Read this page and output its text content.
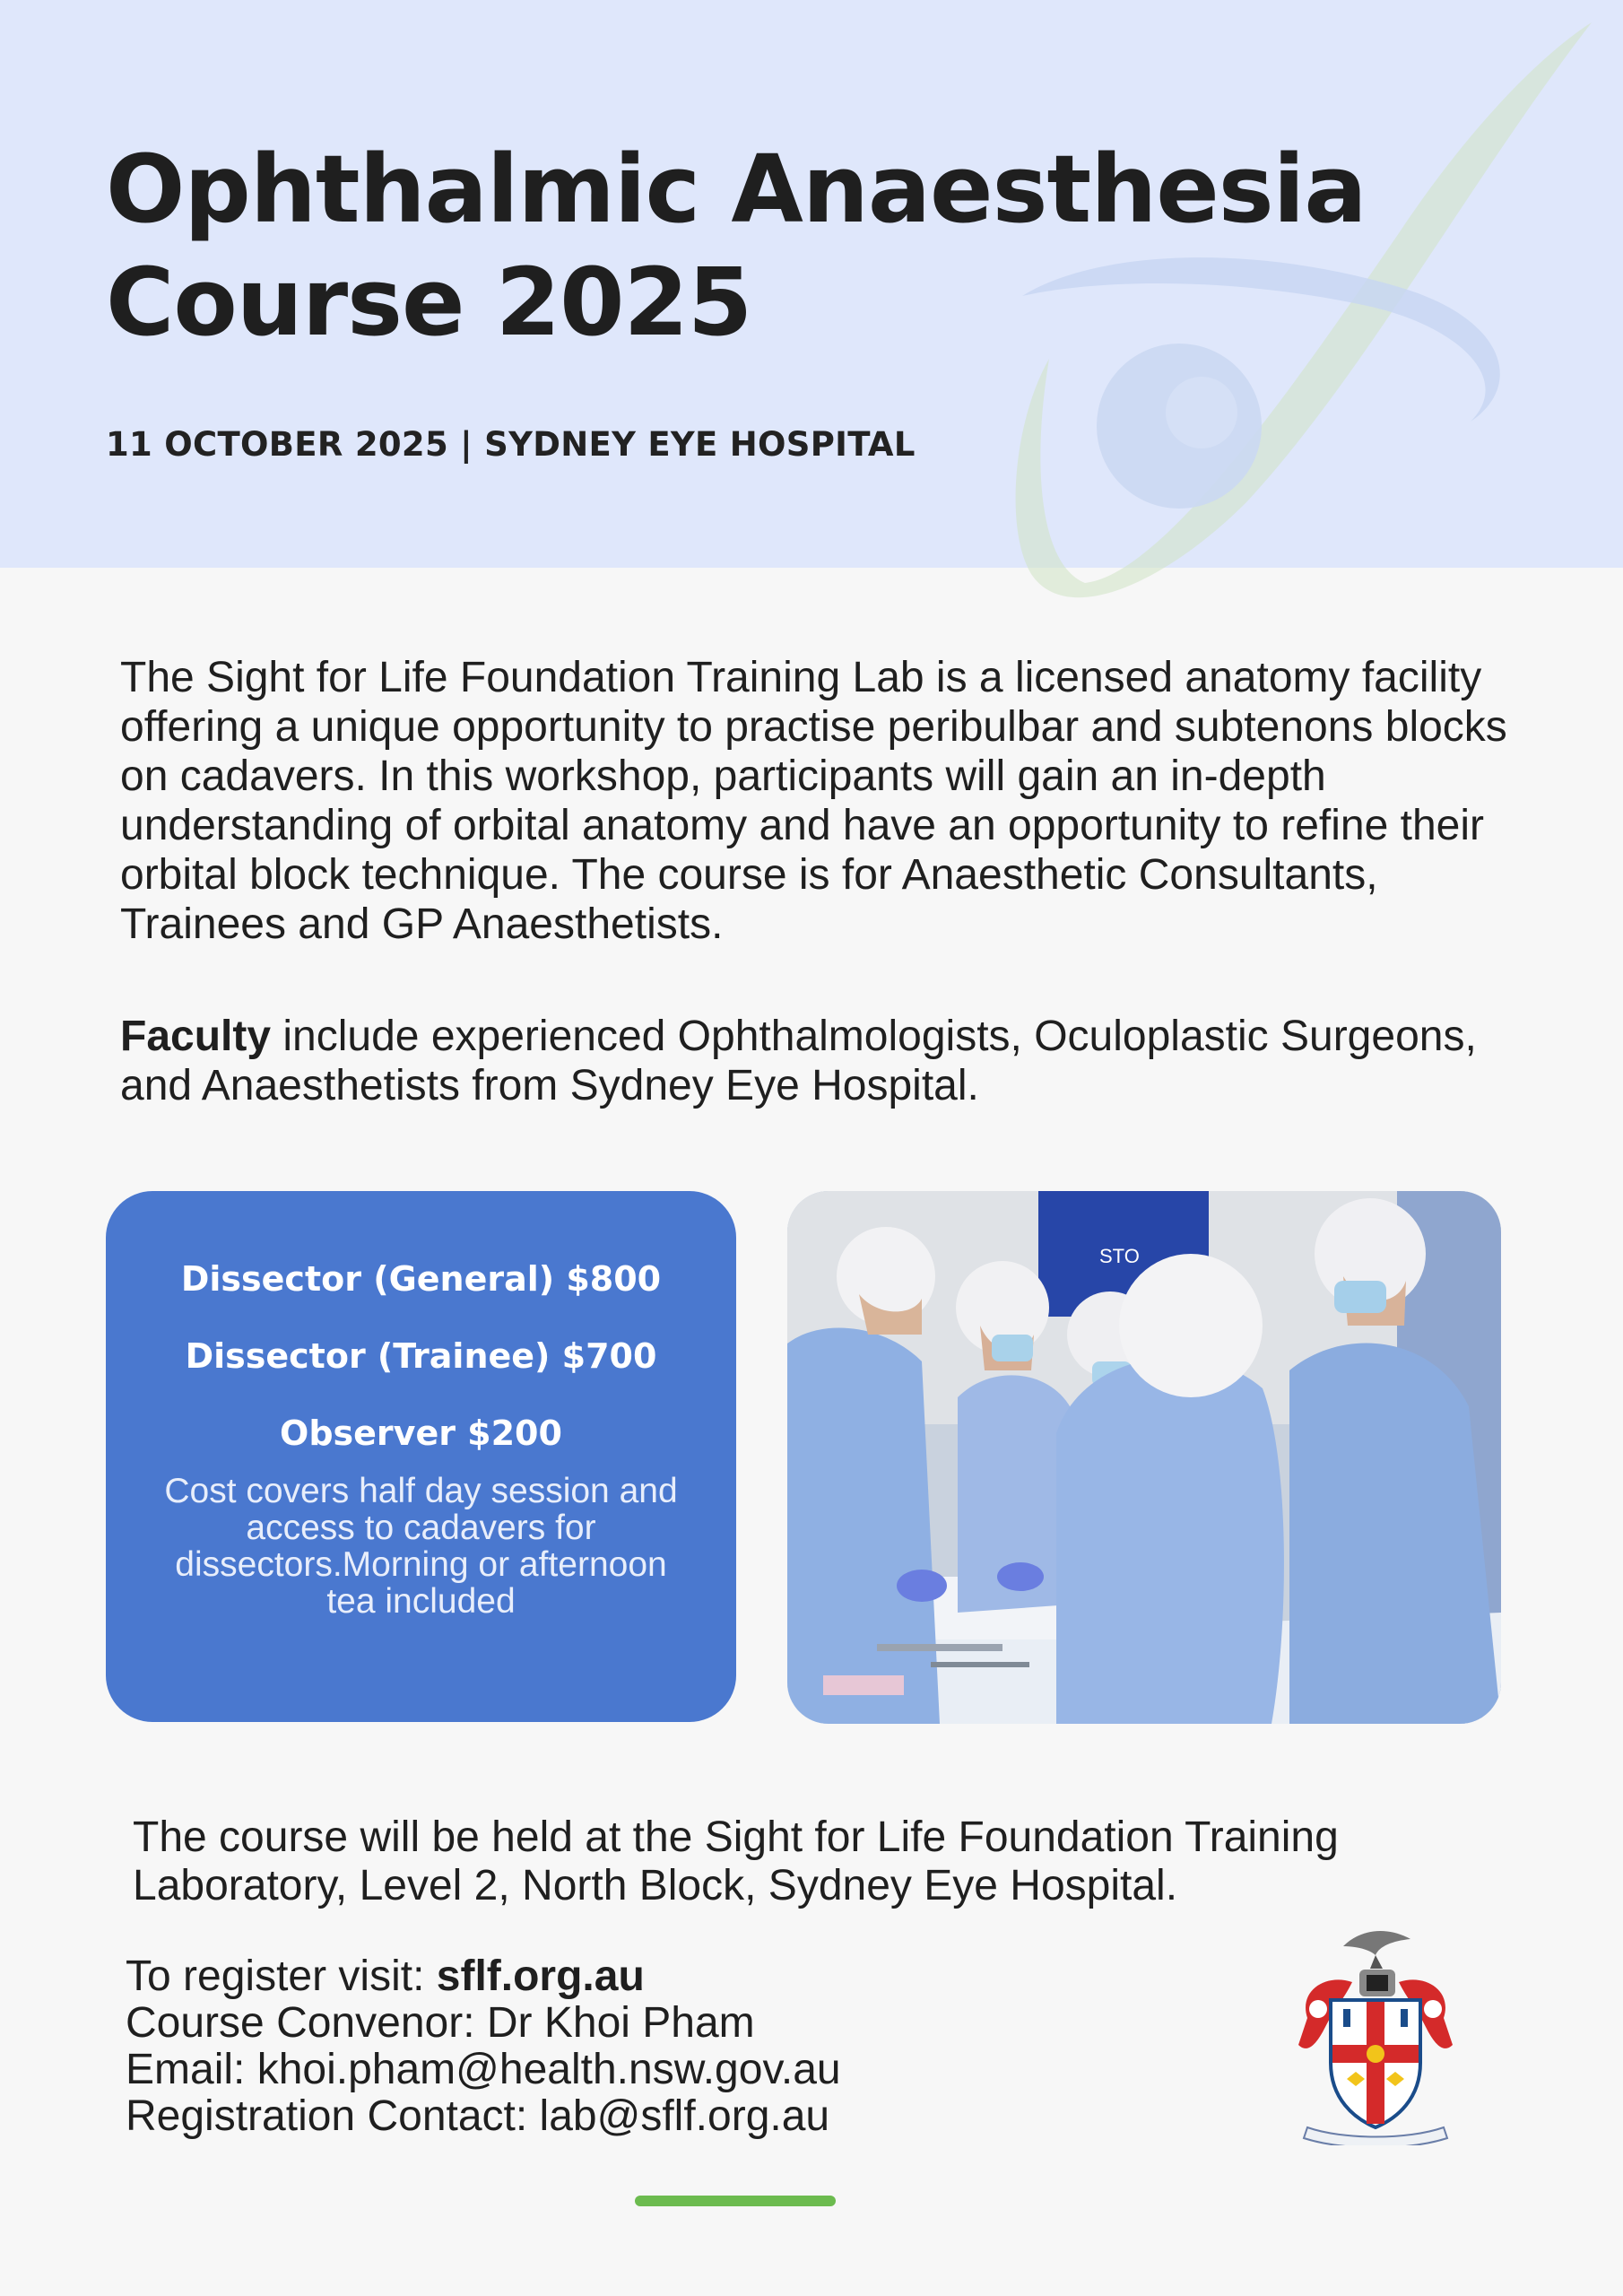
Ophthalmic Anaesthesia
Course 2025
11 OCTOBER 2025 | SYDNEY EYE HOSPITAL

The Sight for Life Foundation Training Lab is a licensed anatomy facility offering a unique opportunity to practise peribulbar and subtenons blocks on cadavers. In this workshop, participants will gain an in-depth understanding of orbital anatomy and have an opportunity to refine their orbital block technique. The course is for Anaesthetic Consultants, Trainees and GP Anaesthetists.

Faculty include experienced Ophthalmologists, Oculoplastic Surgeons, and Anaesthetists from Sydney Eye Hospital.

Dissector (General) $800

Dissector (Trainee) $700

Observer $200

Cost covers half day session and access to cadavers for dissectors.Morning or afternoon tea included

STO

The course will be held at the Sight for Life Foundation Training Laboratory, Level 2, North Block, Sydney Eye Hospital.

To register visit: sflf.org.au
Course Convenor: Dr Khoi Pham
Email: khoi.pham@health.nsw.gov.au
Registration Contact: lab@sflf.org.au
